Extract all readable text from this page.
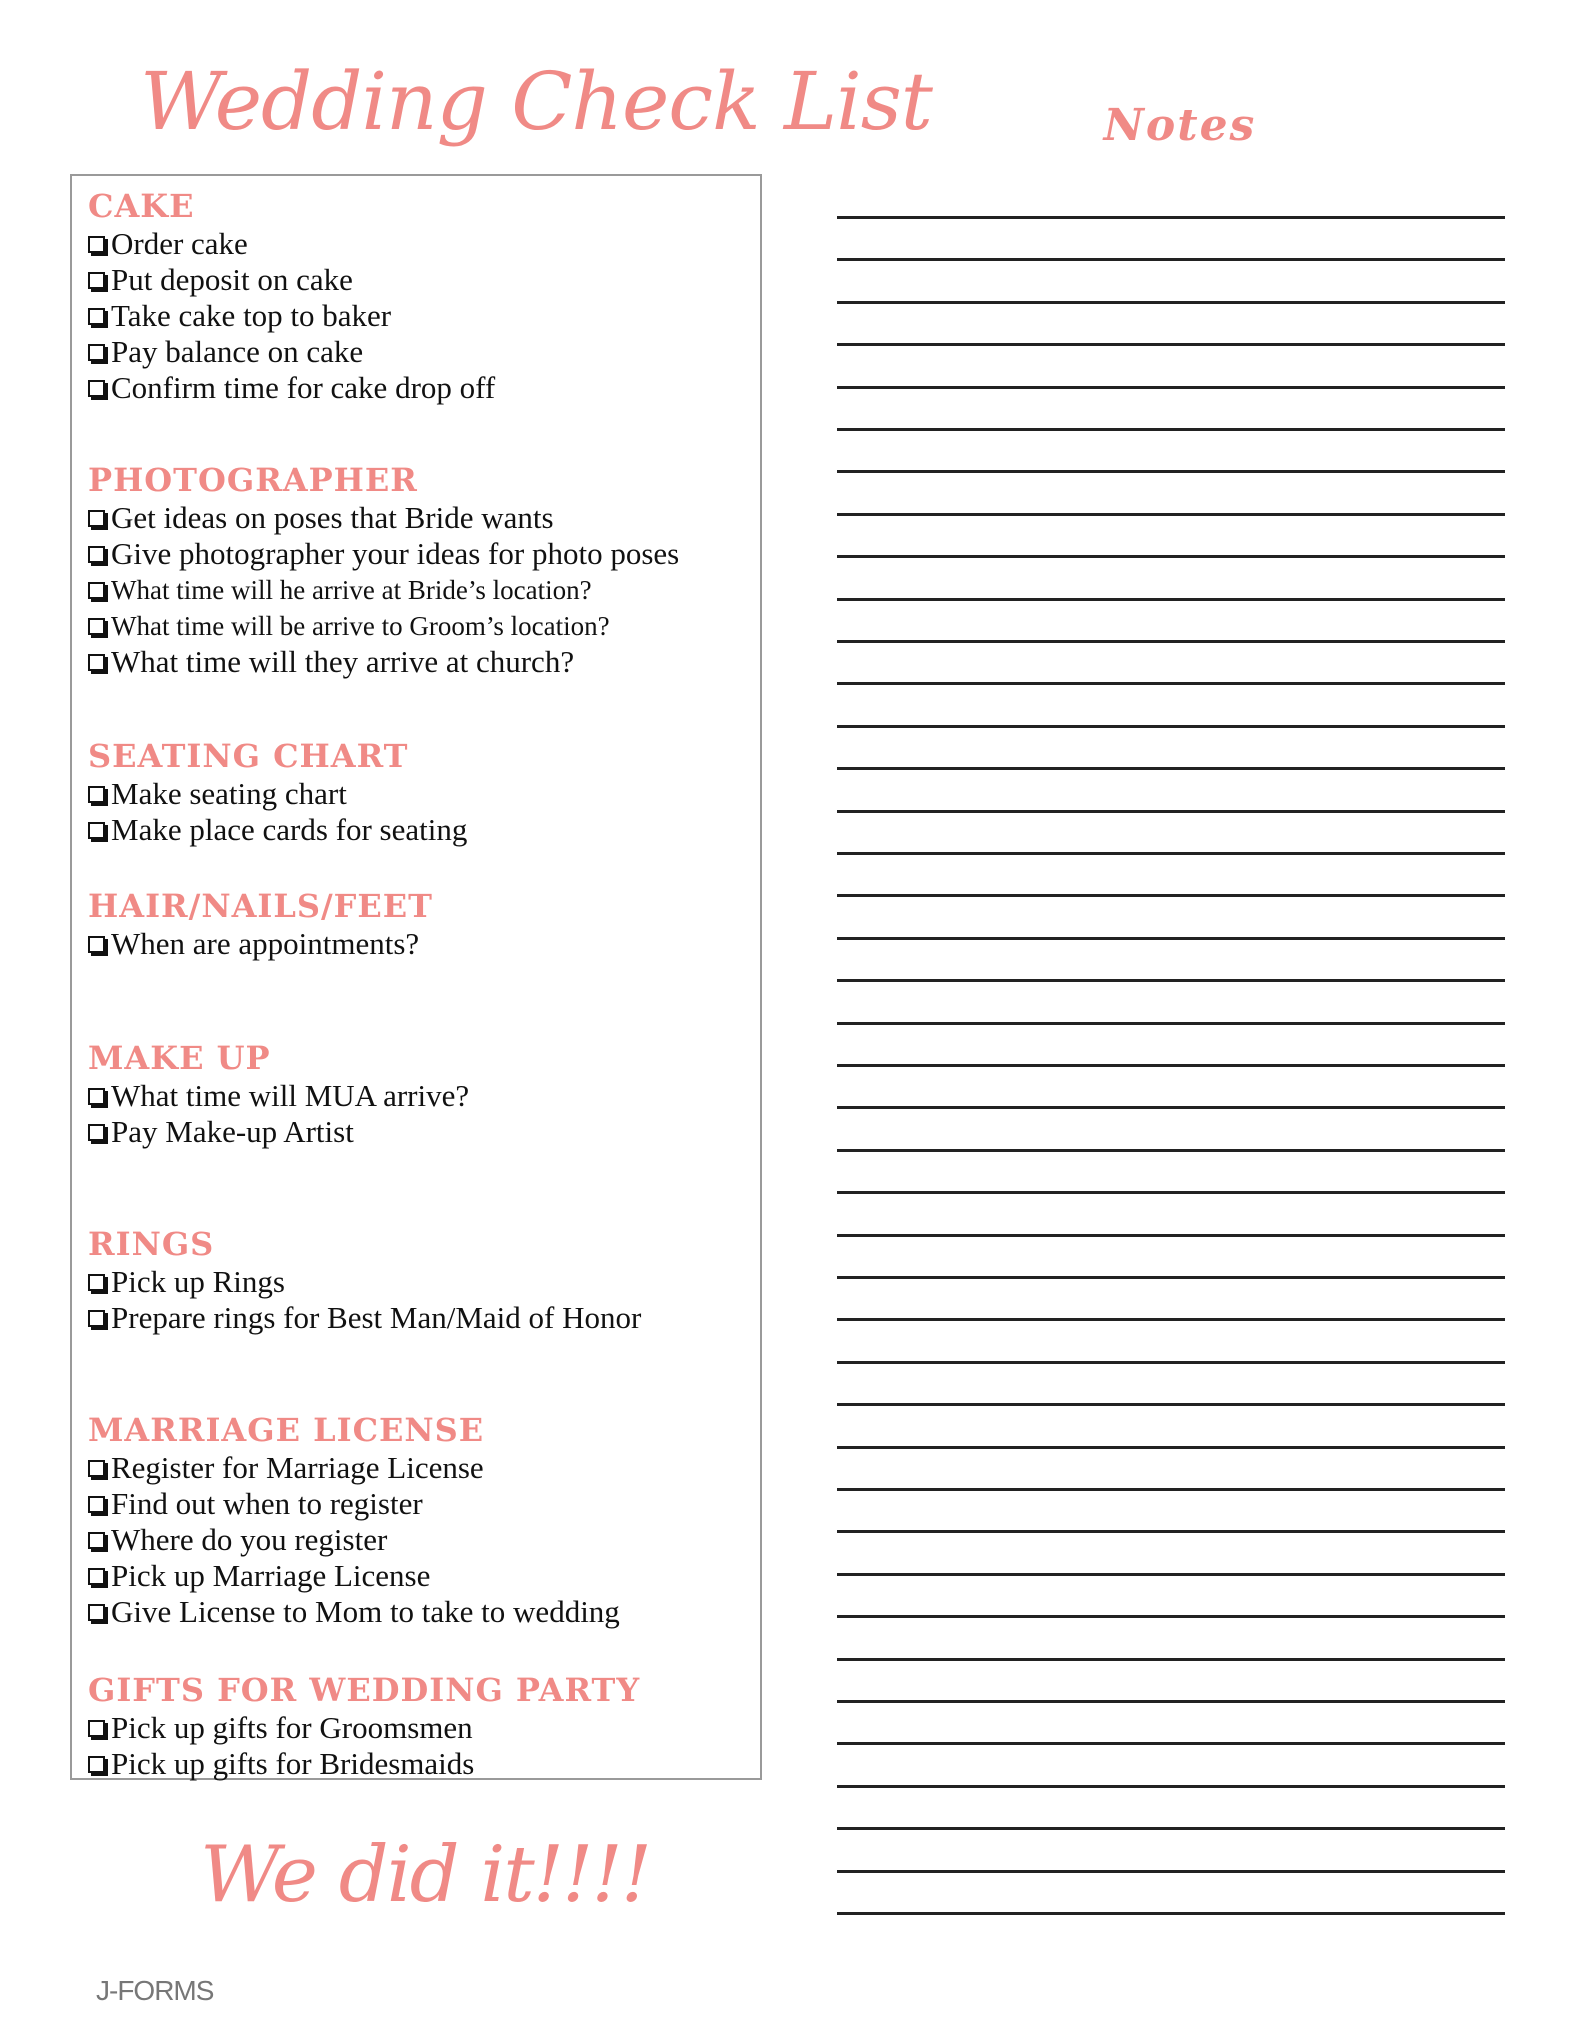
Wedding Check List	Notes
CAKE
Order cake
Put deposit on cake
Take cake top to baker
Pay balance on cake
Confirm time for cake drop off
PHOTOGRAPHER
Get ideas on poses that Bride wants
Give photographer your ideas for photo poses
What time will he arrive at Bride’s location?
What time will be arrive to Groom’s location?
What time will they arrive at church?
SEATING CHART
Make seating chart
Make place cards for seating
HAIR/NAILS/FEET
When are appointments?
MAKE UP
What time will MUA arrive?
Pay Make-up Artist
RINGS
Pick up Rings
Prepare rings for Best Man/Maid of Honor
MARRIAGE LICENSE
Register for Marriage License
Find out when to register
Where do you register
Pick up Marriage License
Give License to Mom to take to wedding
GIFTS FOR WEDDING PARTY
Pick up gifts for Groomsmen
Pick up gifts for Bridesmaids
We did it!!!!
J-FORMS
